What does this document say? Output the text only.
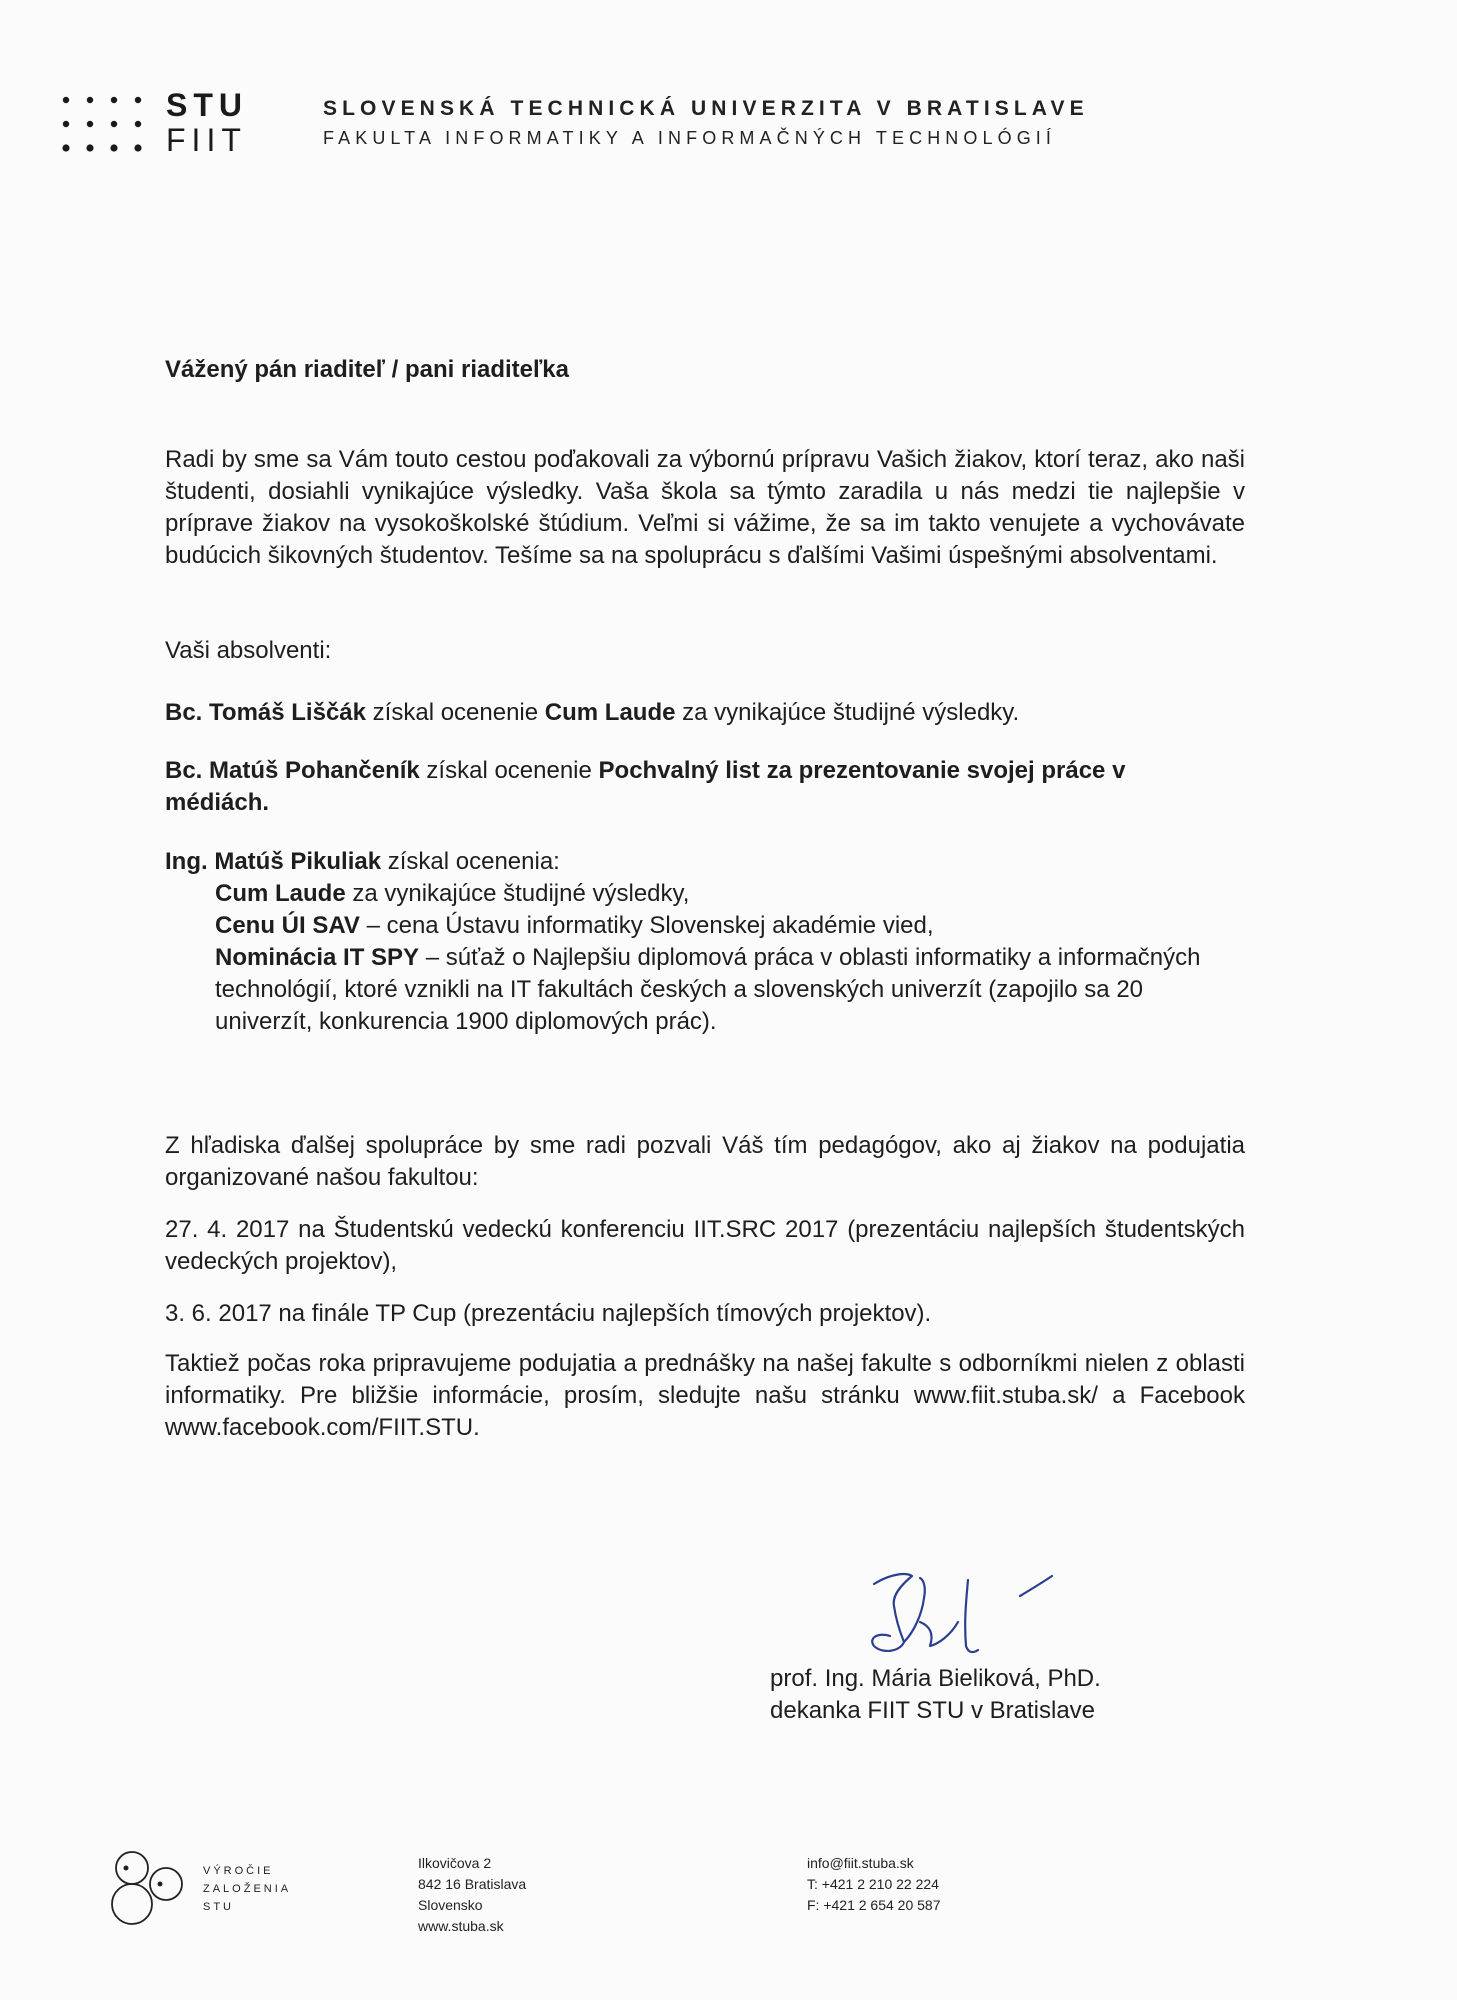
STU
FIIT
SLOVENSKÁ TECHNICKÁ UNIVERZITA V BRATISLAVE
FAKULTA INFORMATIKY A INFORMAČNÝCH TECHNOLÓGIÍ
Vážený pán riaditeľ / pani riaditeľka

Radi by sme sa Vám touto cestou poďakovali za výbornú prípravu Vašich žiakov, ktorí teraz, ako naši študenti, dosiahli vynikajúce výsledky. Vaša škola sa týmto zaradila u nás medzi tie najlepšie v príprave žiakov na vysokoškolské štúdium. Veľmi si vážime, že sa im takto venujete a vychovávate budúcich šikovných študentov. Tešíme sa na spoluprácu s ďalšími Vašimi úspešnými absolventami.

Vaši absolventi:
Bc. Tomáš Liščák získal ocenenie Cum Laude za vynikajúce študijné výsledky.
Bc. Matúš Pohančeník získal ocenenie Pochvalný list za prezentovanie svojej práce v médiách.
Ing. Matúš Pikuliak získal ocenenia:
Cum Laude za vynikajúce študijné výsledky,
Cenu ÚI SAV – cena Ústavu informatiky Slovenskej akadémie vied,
Nominácia IT SPY – súťaž o Najlepšiu diplomová práca v oblasti informatiky a informačných technológií, ktoré vznikli na IT fakultách českých a slovenských univerzít (zapojilo sa 20 univerzít, konkurencia 1900 diplomových prác).

Z hľadiska ďalšej spolupráce by sme radi pozvali Váš tím pedagógov, ako aj žiakov na podujatia organizované našou fakultou:

27. 4. 2017 na Študentskú vedeckú konferenciu IIT.SRC 2017 (prezentáciu najlepších študentských vedeckých projektov),

3. 6. 2017 na finále TP Cup (prezentáciu najlepších tímových projektov).

Taktiež počas roka pripravujeme podujatia a prednášky na našej fakulte s odborníkmi nielen z oblasti informatiky. Pre bližšie informácie, prosím, sledujte našu stránku www.fiit.stuba.sk/ a Facebook www.facebook.com/FIIT.STU.

prof. Ing. Mária Bieliková, PhD.
dekanka FIIT STU v Bratislave
VÝROČIE
ZALOŽENIA
STU
Ilkovičova 2
842 16 Bratislava
Slovensko
www.stuba.sk
info@fiit.stuba.sk
T: +421 2 210 22 224
F: +421 2 654 20 587
